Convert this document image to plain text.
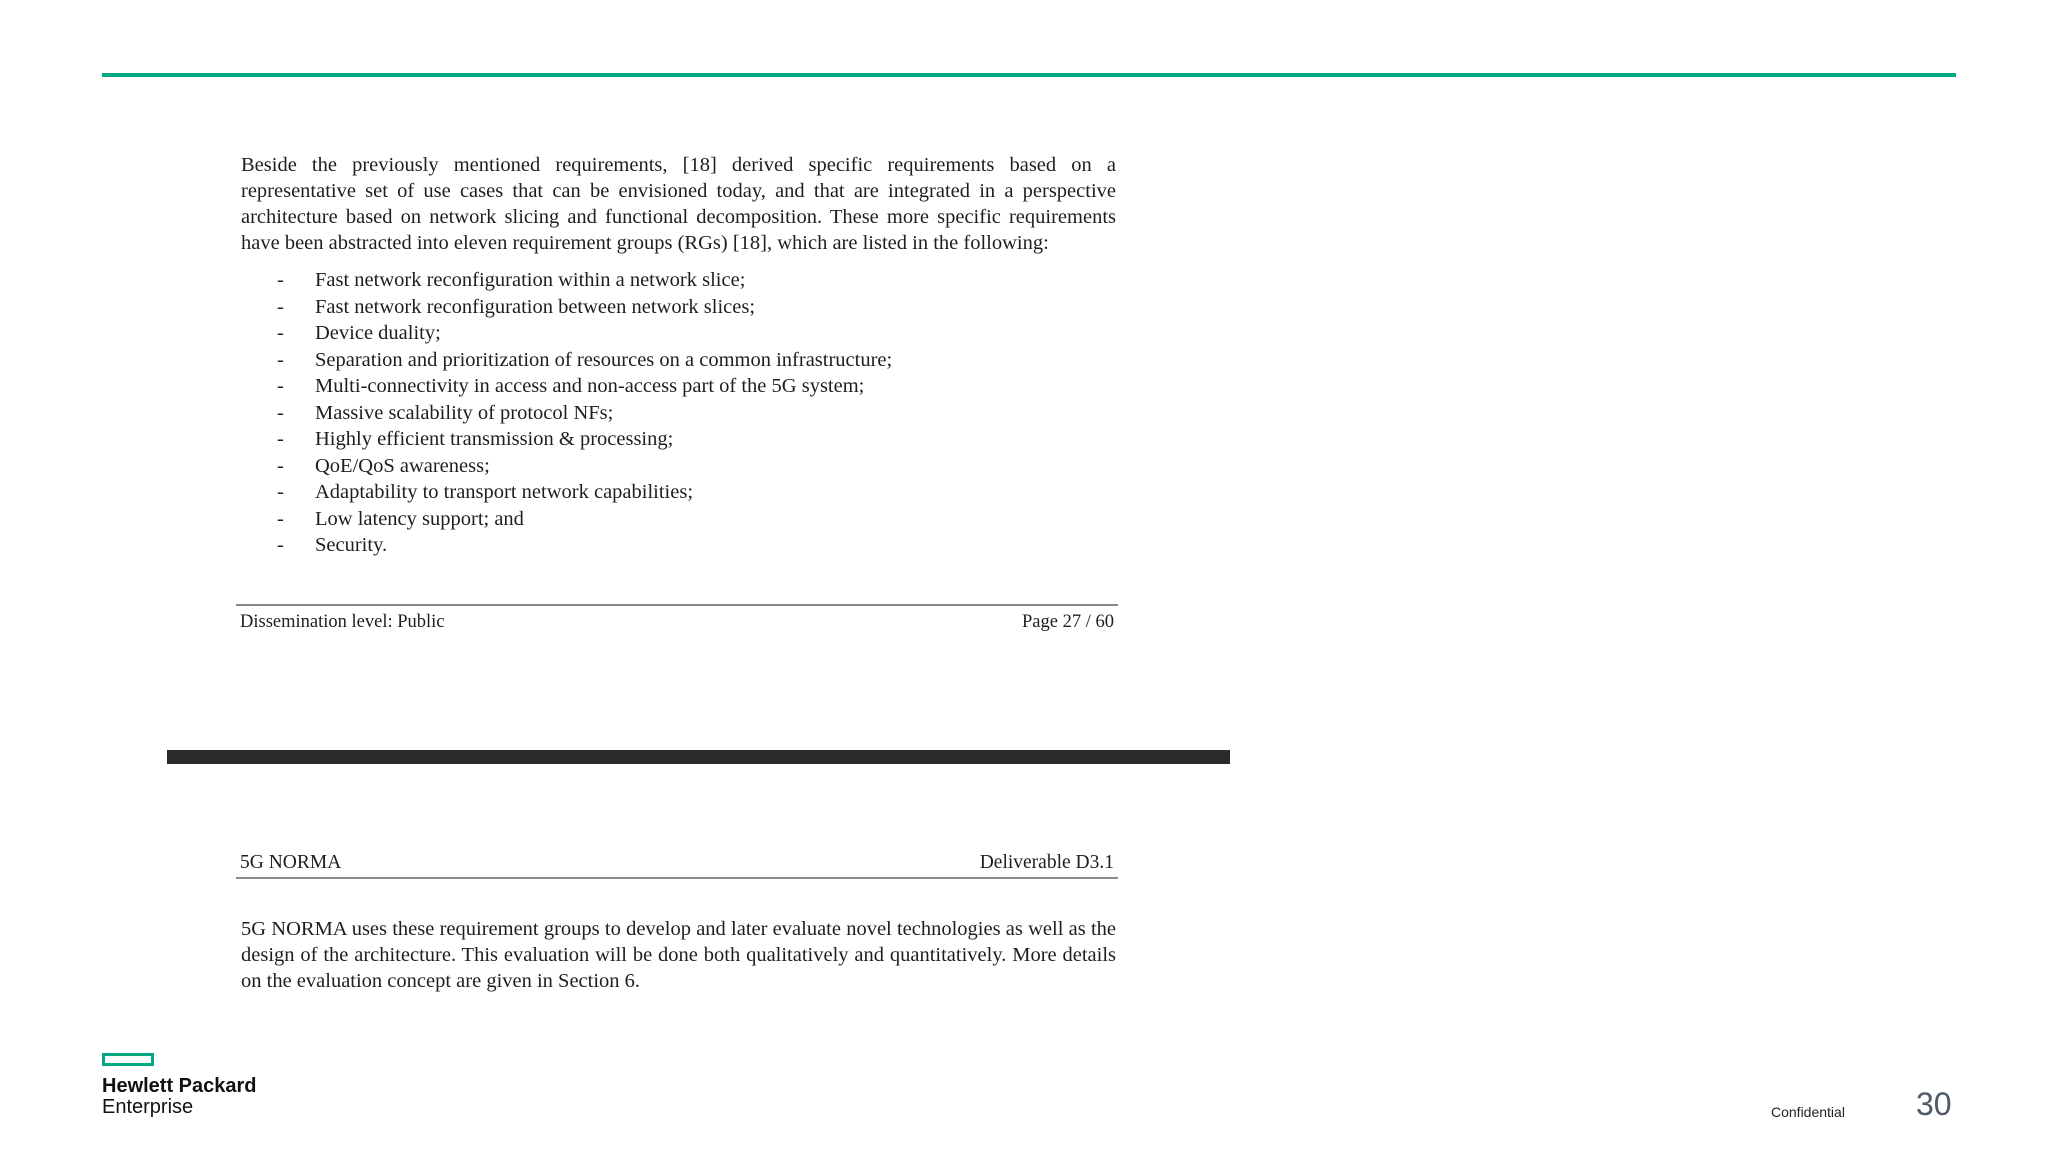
Beside the previously mentioned requirements, [18] derived specific requirements based on a representative set of use cases that can be envisioned today, and that are integrated in a perspective architecture based on network slicing and functional decomposition. These more specific requirements have been abstracted into eleven requirement groups (RGs) [18], which are listed in the following:

- Fast network reconfiguration within a network slice;
- Fast network reconfiguration between network slices;
- Device duality;
- Separation and prioritization of resources on a common infrastructure;
- Multi-connectivity in access and non-access part of the 5G system;
- Massive scalability of protocol NFs;
- Highly efficient transmission & processing;
- QoE/QoS awareness;
- Adaptability to transport network capabilities;
- Low latency support; and
- Security.
Dissemination level: Public	Page 27 / 60
5G NORMA	Deliverable D3.1

5G NORMA uses these requirement groups to develop and later evaluate novel technologies as well as the design of the architecture. This evaluation will be done both qualitatively and quantitatively. More details on the evaluation concept are given in Section 6.

Hewlett Packard
Enterprise	Confidential 30
